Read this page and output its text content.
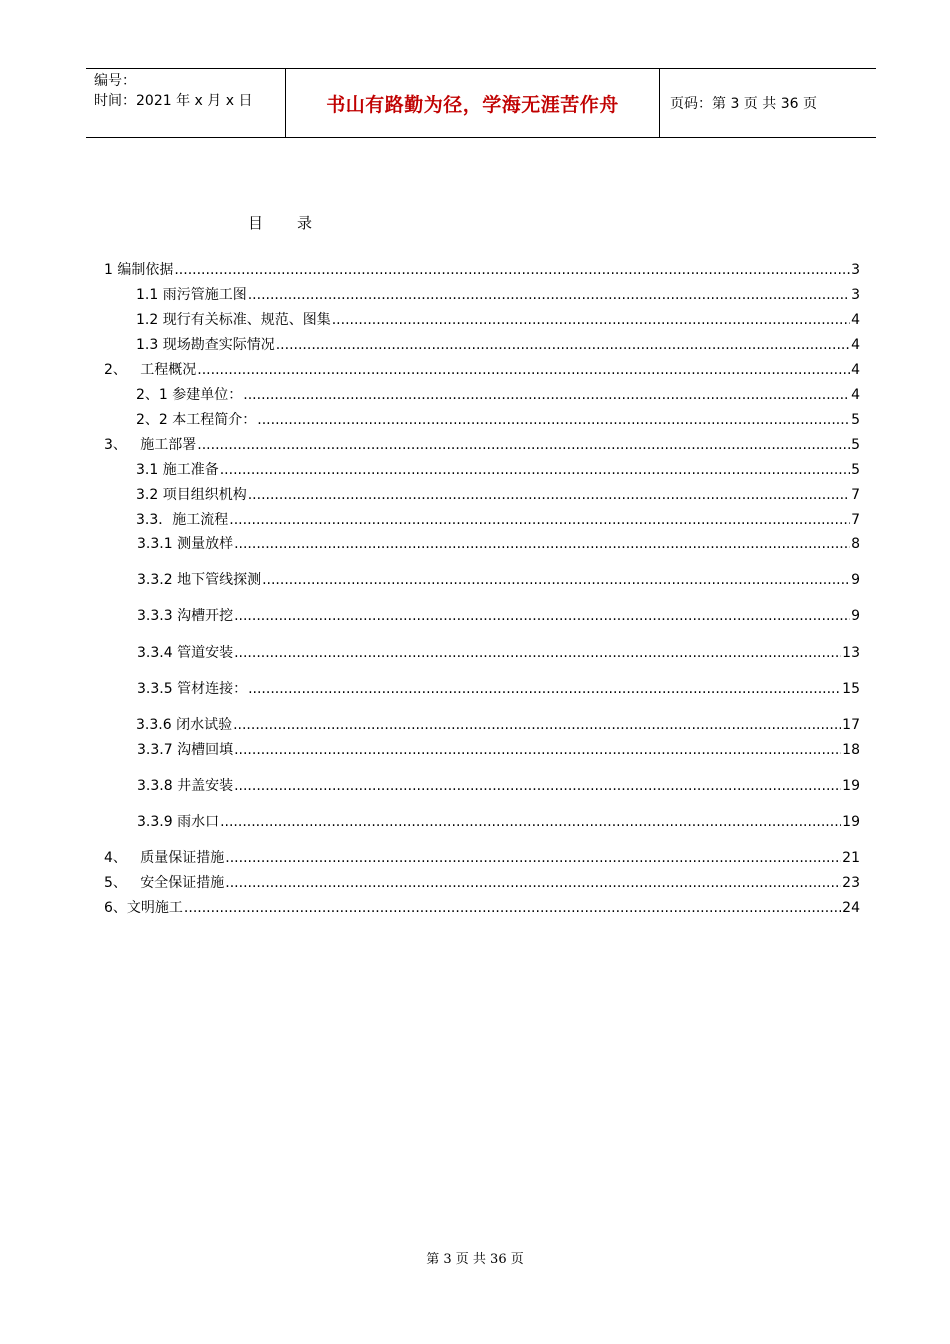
编号：
时间：2021 年 x 月 x 日	书山有路勤为径，学海无涯苦作舟	页码：第 3 页 共 36 页
目 录
1 编制依据 .....	3
1.1 雨污管施工图 .....	3
1.2 现行有关标准、规范、图集 .....	4
1.3 现场勘查实际情况 .....	4
2、   工程概况 .....	4
2、1 参建单位： .....	4
2、2 本工程简介： .....	5
3、   施工部署 .....	5
3.1 施工准备 .....	5
3.2 项目组织机构 .....	7
3.3．施工流程 .....	7
3.3.1 测量放样 .....	8
3.3.2 地下管线探测 .....	9
3.3.3 沟槽开挖 .....	9
3.3.4 管道安装 .....	13
3.3.5 管材连接： .....	15
3.3.6 闭水试验 .....	17
3.3.7 沟槽回填 .....	18
3.3.8 井盖安装 .....	19
3.3.9 雨水口 .....	19
4、   质量保证措施 .....	21
5、   安全保证措施 .....	23
6、文明施工 .....	24
第 3 页 共 36 页
